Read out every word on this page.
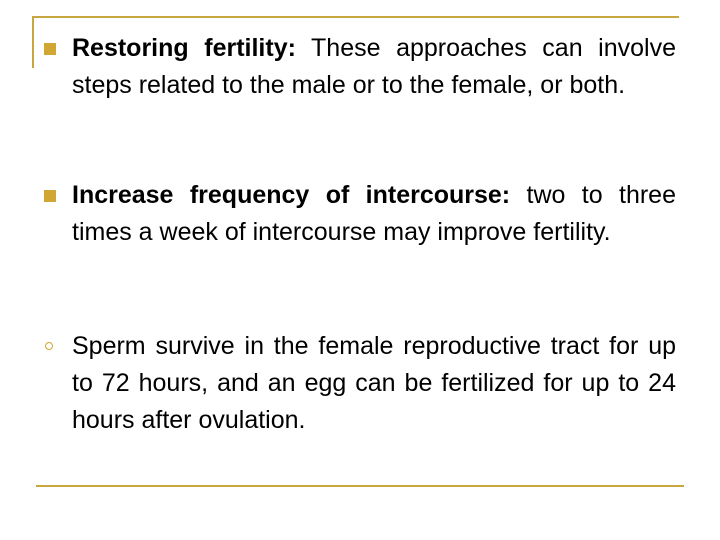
Restoring fertility: These approaches can involve steps related to the male or to the female, or both.
Increase frequency of intercourse: two to three times a week of intercourse may improve fertility.
Sperm survive in the female reproductive tract for up to 72 hours, and an egg can be fertilized for up to 24 hours after ovulation.
